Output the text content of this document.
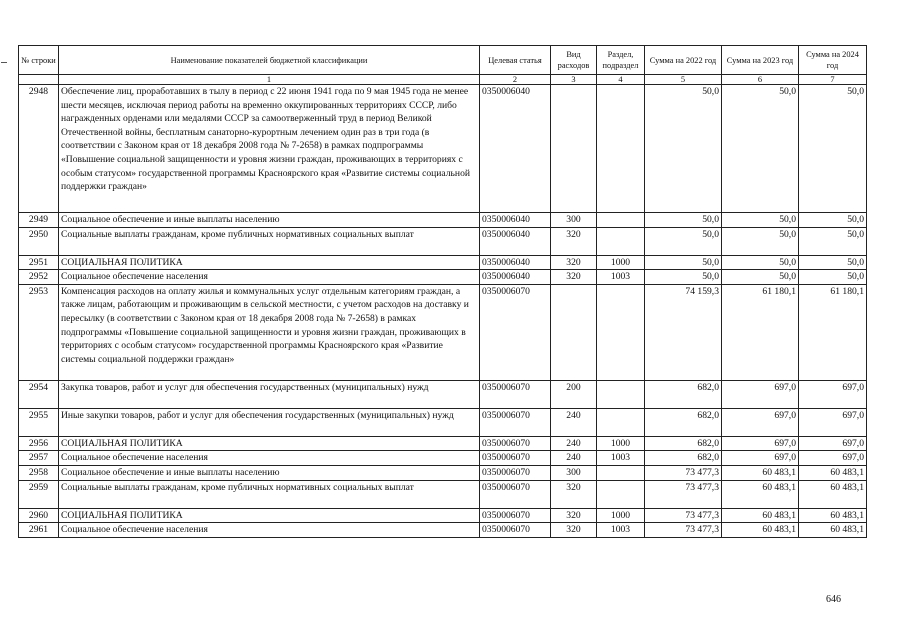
№ строки	Наименование показателей бюджетной классификации	Целевая статья	Вид расходов	Раздел, подраздел	Сумма на 2022 год	Сумма на 2023 год	Сумма на 2024 год
	1	2	3	4	5	6	7
2948	Обеспечение лиц, проработавших в тылу в период с 22 июня 1941 года по 9 мая 1945 года не менее шести месяцев, исключая период работы на временно оккупированных территориях СССР, либо награжденных орденами или медалями СССР за самоотверженный труд в период Великой Отечественной войны, бесплатным санаторно-курортным лечением один раз в три года (в соответствии с Законом края от 18 декабря 2008 года № 7-2658) в рамках подпрограммы «Повышение социальной защищенности и уровня жизни граждан, проживающих в территориях с особым статусом» государственной программы Красноярского края «Развитие системы социальной поддержки граждан»	0350006040			50,0	50,0	50,0
2949	Социальное обеспечение и иные выплаты населению	0350006040	300		50,0	50,0	50,0
2950	Социальные выплаты гражданам, кроме публичных нормативных социальных выплат	0350006040	320		50,0	50,0	50,0
2951	СОЦИАЛЬНАЯ ПОЛИТИКА	0350006040	320	1000	50,0	50,0	50,0
2952	Социальное обеспечение населения	0350006040	320	1003	50,0	50,0	50,0
2953	Компенсация расходов на оплату жилья и коммунальных услуг отдельным категориям граждан, а также лицам, работающим и проживающим в сельской местности, с учетом расходов на доставку и пересылку (в соответствии с Законом края от 18 декабря 2008 года № 7-2658) в рамках подпрограммы «Повышение социальной защищенности и уровня жизни граждан, проживающих в территориях с особым статусом» государственной программы Красноярского края «Развитие системы социальной поддержки граждан»	0350006070			74 159,3	61 180,1	61 180,1
2954	Закупка товаров, работ и услуг для обеспечения государственных (муниципальных) нужд	0350006070	200		682,0	697,0	697,0
2955	Иные закупки товаров, работ и услуг для обеспечения государственных (муниципальных) нужд	0350006070	240		682,0	697,0	697,0
2956	СОЦИАЛЬНАЯ ПОЛИТИКА	0350006070	240	1000	682,0	697,0	697,0
2957	Социальное обеспечение населения	0350006070	240	1003	682,0	697,0	697,0
2958	Социальное обеспечение и иные выплаты населению	0350006070	300		73 477,3	60 483,1	60 483,1
2959	Социальные выплаты гражданам, кроме публичных нормативных социальных выплат	0350006070	320		73 477,3	60 483,1	60 483,1
2960	СОЦИАЛЬНАЯ ПОЛИТИКА	0350006070	320	1000	73 477,3	60 483,1	60 483,1
2961	Социальное обеспечение населения	0350006070	320	1003	73 477,3	60 483,1	60 483,1
646
